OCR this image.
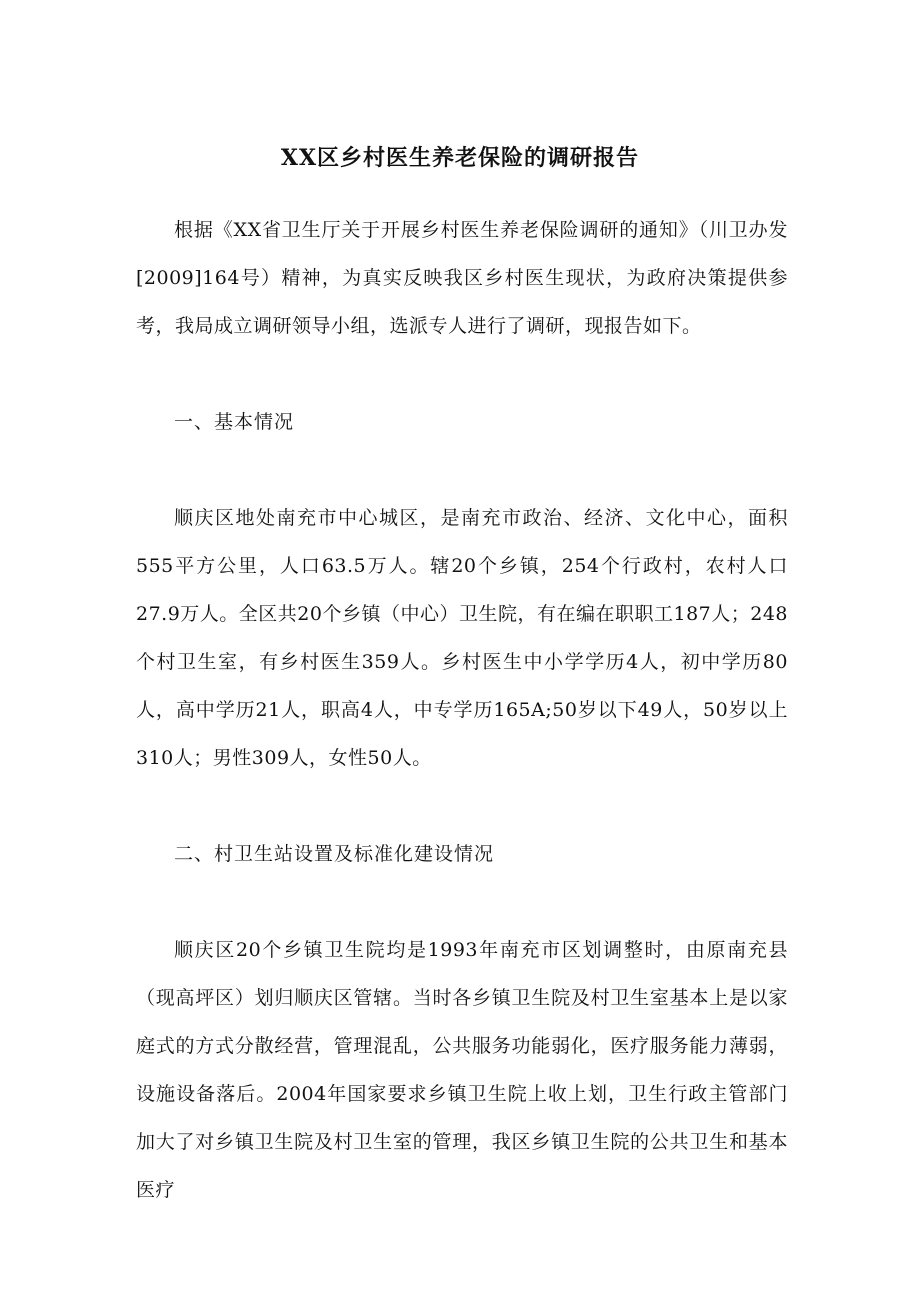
XX区乡村医生养老保险的调研报告

根据《XX省卫生厅关于开展乡村医生养老保险调研的通知》（川卫办发[2009]164号）精神，为真实反映我区乡村医生现状，为政府决策提供参考，我局成立调研领导小组，选派专人进行了调研，现报告如下。

一、基本情况

顺庆区地处南充市中心城区，是南充市政治、经济、文化中心，面积555平方公里，人口63.5万人。辖20个乡镇，254个行政村，农村人口27.9万人。全区共20个乡镇（中心）卫生院，有在编在职职工187人；248个村卫生室，有乡村医生359人。乡村医生中小学学历4人，初中学历80人，高中学历21人，职高4人，中专学历165A;50岁以下49人，50岁以上310人；男性309人，女性50人。

二、村卫生站设置及标准化建设情况

顺庆区20个乡镇卫生院均是1993年南充市区划调整时，由原南充县（现高坪区）划归顺庆区管辖。当时各乡镇卫生院及村卫生室基本上是以家庭式的方式分散经营，管理混乱，公共服务功能弱化，医疗服务能力薄弱，设施设备落后。2004年国家要求乡镇卫生院上收上划，卫生行政主管部门加大了对乡镇卫生院及村卫生室的管理，我区乡镇卫生院的公共卫生和基本医疗
